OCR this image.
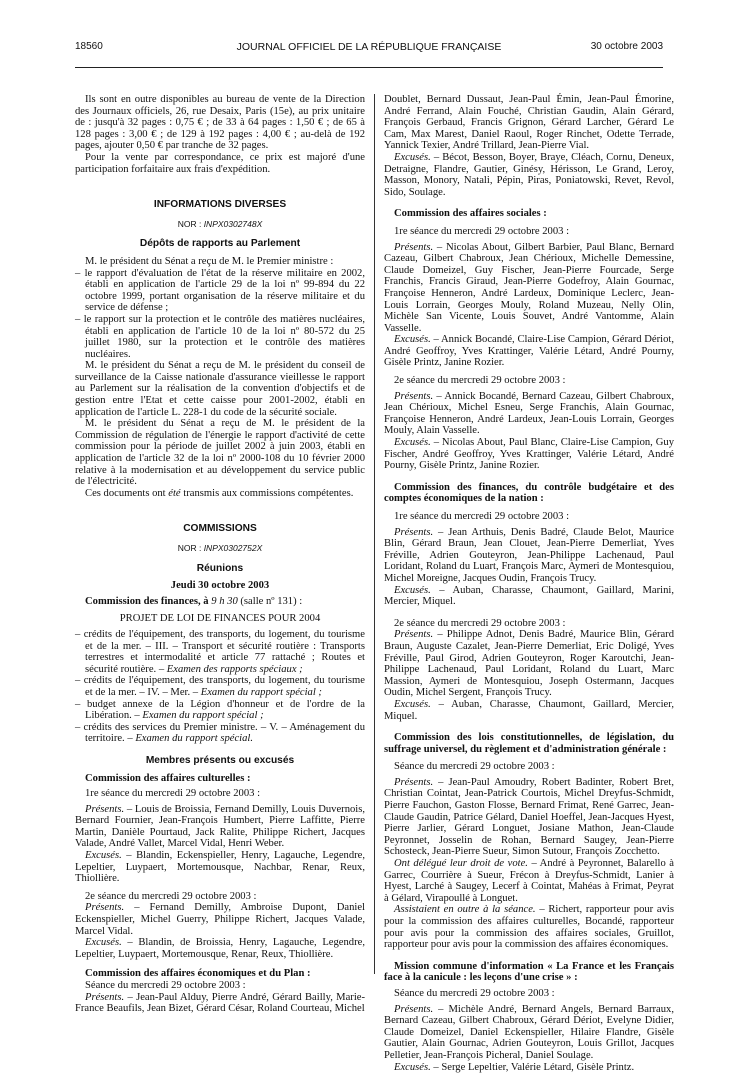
18560	JOURNAL OFFICIEL DE LA RÉPUBLIQUE FRANÇAISE	30 octobre 2003

Ils sont en outre disponibles au bureau de vente de la Direction des Journaux officiels, 26, rue Desaix, Paris (15e), au prix unitaire de : jusqu'à 32 pages : 0,75 € ; de 33 à 64 pages : 1,50 € ; de 65 à 128 pages : 3,00 € ; de 129 à 192 pages : 4,00 € ; au-delà de 192 pages, ajouter 0,50 € par tranche de 32 pages.

Pour la vente par correspondance, ce prix est majoré d'une participation forfaitaire aux frais d'expédition.

INFORMATIONS DIVERSES

NOR : INPX0302748X

Dépôts de rapports au Parlement

M. le président du Sénat a reçu de M. le Premier ministre :

– le rapport d'évaluation de l'état de la réserve militaire en 2002, établi en application de l'article 29 de la loi nº 99-894 du 22 octobre 1999, portant organisation de la réserve militaire et du service de défense ;

– le rapport sur la protection et le contrôle des matières nucléaires, établi en application de l'article 10 de la loi nº 80-572 du 25 juillet 1980, sur la protection et le contrôle des matières nucléaires.

M. le président du Sénat a reçu de M. le président du conseil de surveillance de la Caisse nationale d'assurance vieillesse le rapport au Parlement sur la réalisation de la convention d'objectifs et de gestion entre l'Etat et cette caisse pour 2001-2002, établi en application de l'article L. 228-1 du code de la sécurité sociale.

M. le président du Sénat a reçu de M. le président de la Commission de régulation de l'énergie le rapport d'activité de cette commission pour la période de juillet 2002 à juin 2003, établi en application de l'article 32 de la loi nº 2000-108 du 10 février 2000 relative à la modernisation et au développement du service public de l'électricité.

Ces documents ont été transmis aux commissions compétentes.

COMMISSIONS

NOR : INPX0302752X

Réunions

Jeudi 30 octobre 2003

Commission des finances, à 9 h 30 (salle nº 131) :

PROJET DE LOI DE FINANCES POUR 2004

– crédits de l'équipement, des transports, du logement, du tourisme et de la mer. – III. – Transport et sécurité routière : Transports terrestres et intermodalité et article 77 rattaché ; Routes et sécurité routière. – Examen des rapports spéciaux ;

– crédits de l'équipement, des transports, du logement, du tourisme et de la mer. – IV. – Mer. – Examen du rapport spécial ;

– budget annexe de la Légion d'honneur et de l'ordre de la Libération. – Examen du rapport spécial ;

– crédits des services du Premier ministre. – V. – Aménagement du territoire. – Examen du rapport spécial.

Membres présents ou excusés

Commission des affaires culturelles :

1re séance du mercredi 29 octobre 2003 :

Présents. – Louis de Broissia, Fernand Demilly, Louis Duvernois, Bernard Fournier, Jean-François Humbert, Pierre Laffitte, Pierre Martin, Danièle Pourtaud, Jack Ralite, Philippe Richert, Jacques Valade, André Vallet, Marcel Vidal, Henri Weber.

Excusés. – Blandin, Eckenspieller, Henry, Lagauche, Legendre, Lepeltier, Luypaert, Mortemousque, Nachbar, Renar, Reux, Thiollière.

2e séance du mercredi 29 octobre 2003 :

Présents. – Fernand Demilly, Ambroise Dupont, Daniel Eckenspieller, Michel Guerry, Philippe Richert, Jacques Valade, Marcel Vidal.

Excusés. – Blandin, de Broissia, Henry, Lagauche, Legendre, Lepeltier, Luypaert, Mortemousque, Renar, Reux, Thiollière.

Commission des affaires économiques et du Plan :

Séance du mercredi 29 octobre 2003 :

Présents. – Jean-Paul Alduy, Pierre André, Gérard Bailly, Marie-France Beaufils, Jean Bizet, Gérard César, Roland Courteau, Michel

Doublet, Bernard Dussaut, Jean-Paul Émin, Jean-Paul Émorine, André Ferrand, Alain Fouché, Christian Gaudin, Alain Gérard, François Gerbaud, Francis Grignon, Gérard Larcher, Gérard Le Cam, Max Marest, Daniel Raoul, Roger Rinchet, Odette Terrade, Yannick Texier, André Trillard, Jean-Pierre Vial.

Excusés. – Bécot, Besson, Boyer, Braye, Cléach, Cornu, Deneux, Detraigne, Flandre, Gautier, Ginésy, Hérisson, Le Grand, Leroy, Masson, Monory, Natali, Pépin, Piras, Poniatowski, Revet, Revol, Sido, Soulage.

Commission des affaires sociales :

1re séance du mercredi 29 octobre 2003 :

Présents. – Nicolas About, Gilbert Barbier, Paul Blanc, Bernard Cazeau, Gilbert Chabroux, Jean Chérioux, Michelle Demessine, Claude Domeizel, Guy Fischer, Jean-Pierre Fourcade, Serge Franchis, Francis Giraud, Jean-Pierre Godefroy, Alain Gournac, Françoise Henneron, André Lardeux, Dominique Leclerc, Jean-Louis Lorrain, Georges Mouly, Roland Muzeau, Nelly Olin, Michèle San Vicente, Louis Souvet, André Vantomme, Alain Vasselle.

Excusés. – Annick Bocandé, Claire-Lise Campion, Gérard Dériot, André Geoffroy, Yves Krattinger, Valérie Létard, André Pourny, Gisèle Printz, Janine Rozier.

2e séance du mercredi 29 octobre 2003 :

Présents. – Annick Bocandé, Bernard Cazeau, Gilbert Chabroux, Jean Chérioux, Michel Esneu, Serge Franchis, Alain Gournac, Françoise Henneron, André Lardeux, Jean-Louis Lorrain, Georges Mouly, Alain Vasselle.

Excusés. – Nicolas About, Paul Blanc, Claire-Lise Campion, Guy Fischer, André Geoffroy, Yves Krattinger, Valérie Létard, André Pourny, Gisèle Printz, Janine Rozier.

Commission des finances, du contrôle budgétaire et des comptes économiques de la nation :

1re séance du mercredi 29 octobre 2003 :

Présents. – Jean Arthuis, Denis Badré, Claude Belot, Maurice Blin, Gérard Braun, Jean Clouet, Jean-Pierre Demerliat, Yves Fréville, Adrien Gouteyron, Jean-Philippe Lachenaud, Paul Loridant, Roland du Luart, François Marc, Aymeri de Montesquiou, Michel Moreigne, Jacques Oudin, François Trucy.

Excusés. – Auban, Charasse, Chaumont, Gaillard, Marini, Mercier, Miquel.

2e séance du mercredi 29 octobre 2003 :

Présents. – Philippe Adnot, Denis Badré, Maurice Blin, Gérard Braun, Auguste Cazalet, Jean-Pierre Demerliat, Eric Doligé, Yves Fréville, Paul Girod, Adrien Gouteyron, Roger Karoutchi, Jean-Philippe Lachenaud, Paul Loridant, Roland du Luart, Marc Massion, Aymeri de Montesquiou, Joseph Ostermann, Jacques Oudin, Michel Sergent, François Trucy.

Excusés. – Auban, Charasse, Chaumont, Gaillard, Mercier, Miquel.

Commission des lois constitutionnelles, de législation, du suffrage universel, du règlement et d'administration générale :

Séance du mercredi 29 octobre 2003 :

Présents. – Jean-Paul Amoudry, Robert Badinter, Robert Bret, Christian Cointat, Jean-Patrick Courtois, Michel Dreyfus-Schmidt, Pierre Fauchon, Gaston Flosse, Bernard Frimat, René Garrec, Jean-Claude Gaudin, Patrice Gélard, Daniel Hoeffel, Jean-Jacques Hyest, Pierre Jarlier, Gérard Longuet, Josiane Mathon, Jean-Claude Peyronnet, Josselin de Rohan, Bernard Saugey, Jean-Pierre Schosteck, Jean-Pierre Sueur, Simon Sutour, François Zocchetto.

Ont délégué leur droit de vote. – André à Peyronnet, Balarello à Garrec, Courrière à Sueur, Frécon à Dreyfus-Schmidt, Lanier à Hyest, Larché à Saugey, Lecerf à Cointat, Mahéas à Frimat, Peyrat à Gélard, Virapoullé à Longuet.

Assistaient en outre à la séance. – Richert, rapporteur pour avis pour la commission des affaires culturelles, Bocandé, rapporteur pour avis pour la commission des affaires sociales, Gruillot, rapporteur pour avis pour la commission des affaires économiques.

Mission commune d'information « La France et les Français face à la canicule : les leçons d'une crise » :

Séance du mercredi 29 octobre 2003 :

Présents. – Michèle André, Bernard Angels, Bernard Barraux, Bernard Cazeau, Gilbert Chabroux, Gérard Dériot, Evelyne Didier, Claude Domeizel, Daniel Eckenspieller, Hilaire Flandre, Gisèle Gautier, Alain Gournac, Adrien Gouteyron, Louis Grillot, Jacques Pelletier, Jean-François Picheral, Daniel Soulage.

Excusés. – Serge Lepeltier, Valérie Létard, Gisèle Printz.
